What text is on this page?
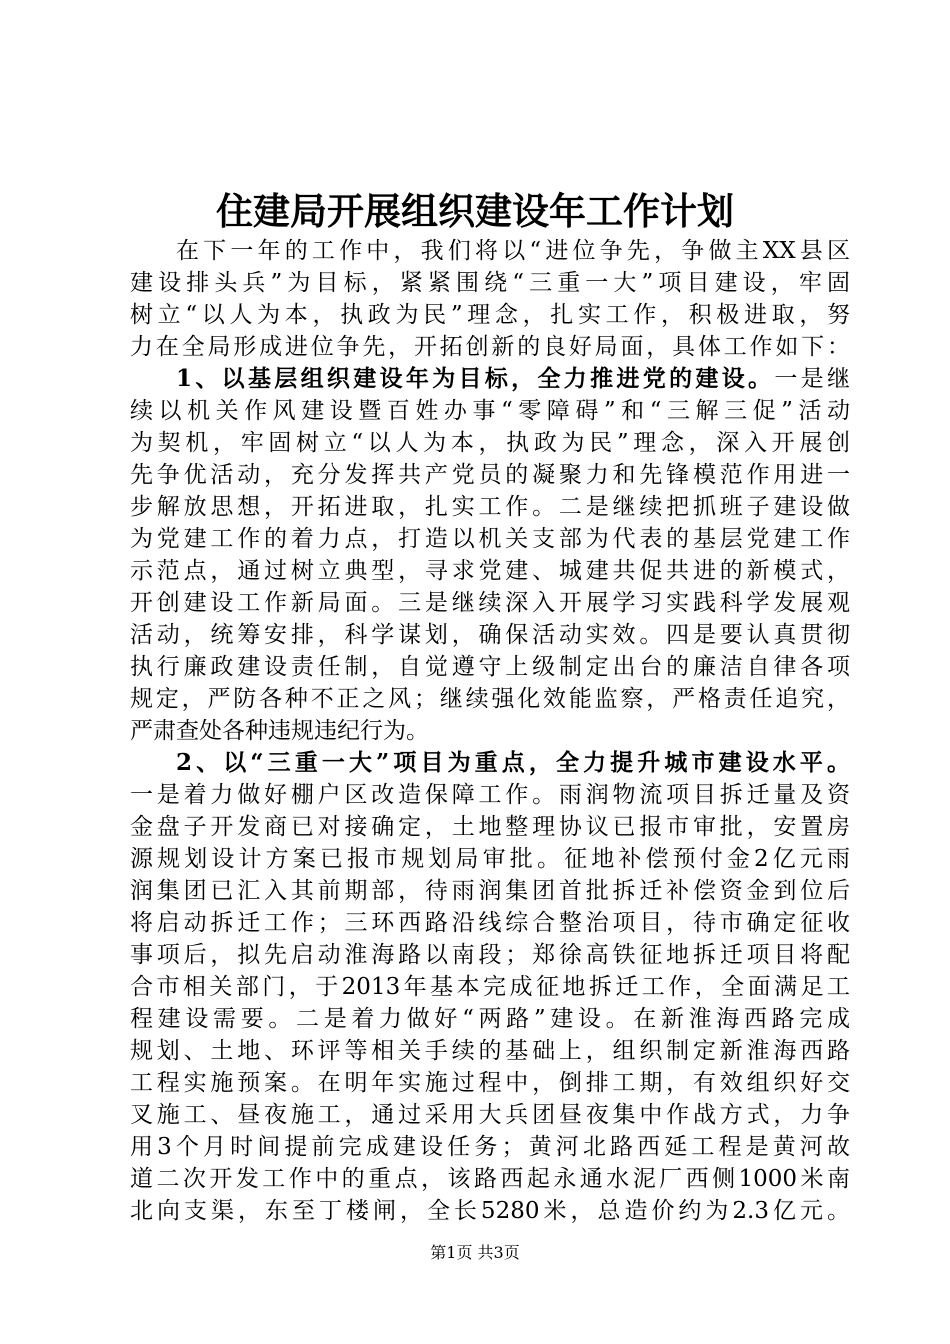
住建局开展组织建设年工作计划
在下一年的工作中，我们将以“进位争先，争做主XX县区
建设排头兵”为目标，紧紧围绕“三重一大”项目建设，牢固
树立“以人为本，执政为民”理念，扎实工作，积极进取，努
力在全局形成进位争先，开拓创新的良好局面，具体工作如下：
1、以基层组织建设年为目标，全力推进党的建设。一是继
续以机关作风建设暨百姓办事“零障碍”和“三解三促”活动
为契机，牢固树立“以人为本，执政为民”理念，深入开展创
先争优活动，充分发挥共产党员的凝聚力和先锋模范作用进一
步解放思想，开拓进取，扎实工作。二是继续把抓班子建设做
为党建工作的着力点，打造以机关支部为代表的基层党建工作
示范点，通过树立典型，寻求党建、城建共促共进的新模式，
开创建设工作新局面。三是继续深入开展学习实践科学发展观
活动，统筹安排，科学谋划，确保活动实效。四是要认真贯彻
执行廉政建设责任制，自觉遵守上级制定出台的廉洁自律各项
规定，严防各种不正之风；继续强化效能监察，严格责任追究，
严肃查处各种违规违纪行为。
2、以“三重一大”项目为重点，全力提升城市建设水平。
一是着力做好棚户区改造保障工作。雨润物流项目拆迁量及资
金盘子开发商已对接确定，土地整理协议已报市审批，安置房
源规划设计方案已报市规划局审批。征地补偿预付金2亿元雨
润集团已汇入其前期部，待雨润集团首批拆迁补偿资金到位后
将启动拆迁工作；三环西路沿线综合整治项目，待市确定征收
事项后，拟先启动淮海路以南段；郑徐高铁征地拆迁项目将配
合市相关部门，于2013年基本完成征地拆迁工作，全面满足工
程建设需要。二是着力做好“两路”建设。在新淮海西路完成
规划、土地、环评等相关手续的基础上，组织制定新淮海西路
工程实施预案。在明年实施过程中，倒排工期，有效组织好交
叉施工、昼夜施工，通过采用大兵团昼夜集中作战方式，力争
用3个月时间提前完成建设任务；黄河北路西延工程是黄河故
道二次开发工作中的重点，该路西起永通水泥厂西侧1000米南
北向支渠，东至丁楼闸，全长5280米，总造价约为2.3亿元。
第1页 共3页
